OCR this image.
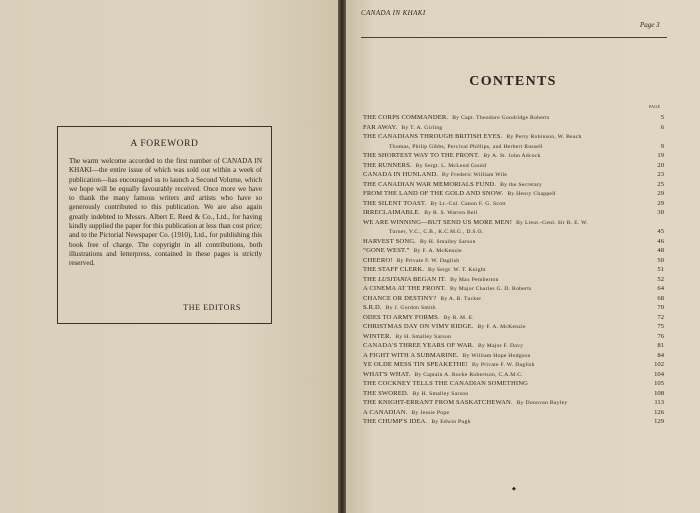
A FOREWORD
The warm welcome accorded to the first number of CANADA IN KHAKI—the entire issue of which was sold out within a week of publication—has encouraged us to launch a Second Volume, which we hope will be equally favourably received. Once more we have to thank the many famous writers and artists who have so generously contributed to this publication. We are also again greatly indebted to Messrs. Albert E. Reed & Co., Ltd., for having kindly supplied the paper for this publication at less than cost price; and to the Pictorial Newspaper Co. (1910), Ltd., for publishing this book free of charge. The copyright in all contributions, both illustrations and letterpress, contained in these pages is strictly reserved.
THE EDITORS
CANADA IN KHAKI
Page 3
CONTENTS
PAGE
THE CORPS COMMANDER. By Capt. Theodore Goodridge Roberts	5
FAR AWAY. By T. A. Girling	6
THE CANADIANS THROUGH BRITISH EYES. By Perry Robinson, W. Beach
Thomas, Philip Gibbs, Percival Phillips, and Herbert Russell	9
THE SHORTEST WAY TO THE FRONT. By A. St. John Adcock	19
THE RUNNERS. By Sergt. L. McLeod Gould	20
CANADA IN HUNLAND. By Frederic William Wile	23
THE CANADIAN WAR MEMORIALS FUND. By the Secretary	25
FROM THE LAND OF THE GOLD AND SNOW. By Henry Chappell	29
THE SILENT TOAST. By Lt.-Col. Canon F. G. Scott	29
IRRECLAIMABLE. By R. S. Warren Bell	30
WE ARE WINNING—BUT SEND US MORE MEN! By Lieut.-Genl. Sir R. E. W.
Turner, V.C., C.B., K.C.M.G., D.S.O.	45
HARVEST SONG. By H. Smalley Sarson	46
“GONE WEST.” By F. A. McKenzie	48
CHEERO! By Private F. W. Daglish	50
THE STAFF CLERK. By Sergt. W. T. Knight	51
THE LUSITANIA BEGAN IT. By Max Pemberton	52
A CINEMA AT THE FRONT. By Major Charles G. D. Roberts	64
CHANCE OR DESTINY? By A. B. Tucker	68
S.R.D. By J. Gordon Smith	70
ODES TO ARMY FORMS. By R. M. E.	72
CHRISTMAS DAY ON VIMY RIDGE. By F. A. McKenzie	75
WINTER. By H. Smalley Sarson	76
CANADA'S THREE YEARS OF WAR. By Major F. Davy	81
A FIGHT WITH A SUBMARINE. By William Hope Hodgson	84
YE OLDE MESS TIN SPEAKETHE! By Private F. W. Daglish	102
WHAT'S WHAT. By Captain A. Rocke Robertson, C.A.M.C.	104
THE COCKNEY TELLS THE CANADIAN SOMETHING	105
THE SWORED. By H. Smalley Sarson	108
THE KNIGHT-ERRANT FROM SASKATCHEWAN. By Donovan Bayley	113
A CANADIAN. By Jessie Pope	126
THE CHUMP'S IDEA. By Edwin Pugh	129
◆
